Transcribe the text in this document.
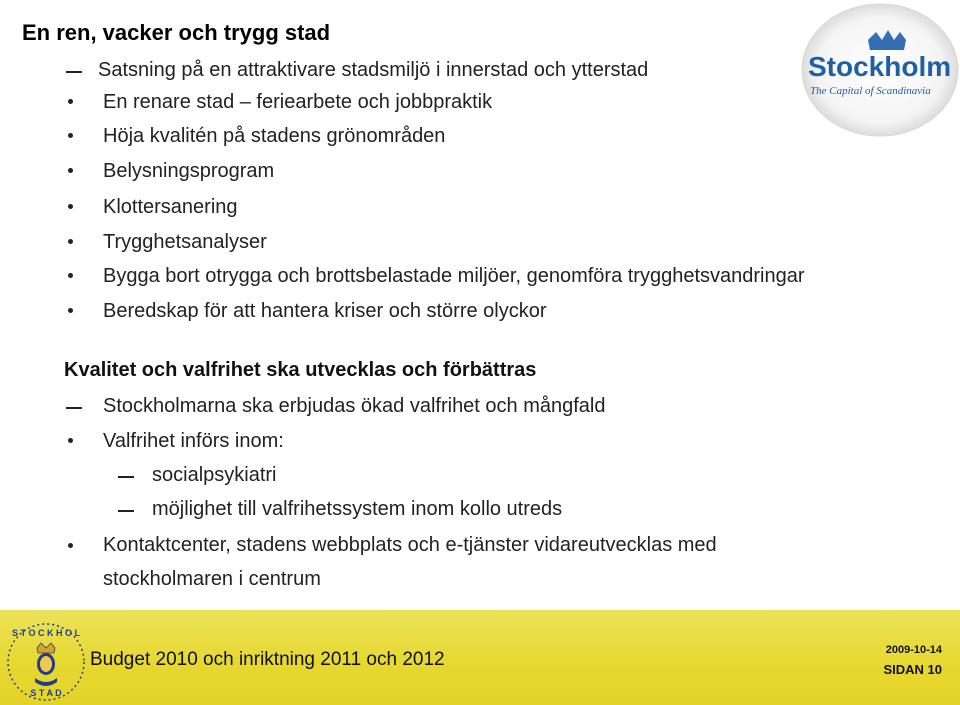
En ren, vacker och trygg stad
Stockholm
The Capital of Scandinavia
Satsning på en attraktivare stadsmiljö i innerstad och ytterstad
En renare stad – feriearbete och jobbpraktik
Höja kvalitén på stadens grönområden
Belysningsprogram
Klottersanering
Trygghetsanalyser
Bygga bort otrygga och brottsbelastade miljöer, genomföra trygghetsvandringar
Beredskap för att hantera kriser och större olyckor
Kvalitet och valfrihet ska utvecklas och förbättras
Stockholmarna ska erbjudas ökad valfrihet och mångfald
Valfrihet införs inom:
socialpsykiatri
möjlighet till valfrihetssystem inom kollo utreds
Kontaktcenter, stadens webbplats och e-tjänster vidareutvecklas med
stockholmaren i centrum
S T O C K H O L
S T A D
Budget 2010 och inriktning 2011 och 2012	2009-10-14
SIDAN 10
